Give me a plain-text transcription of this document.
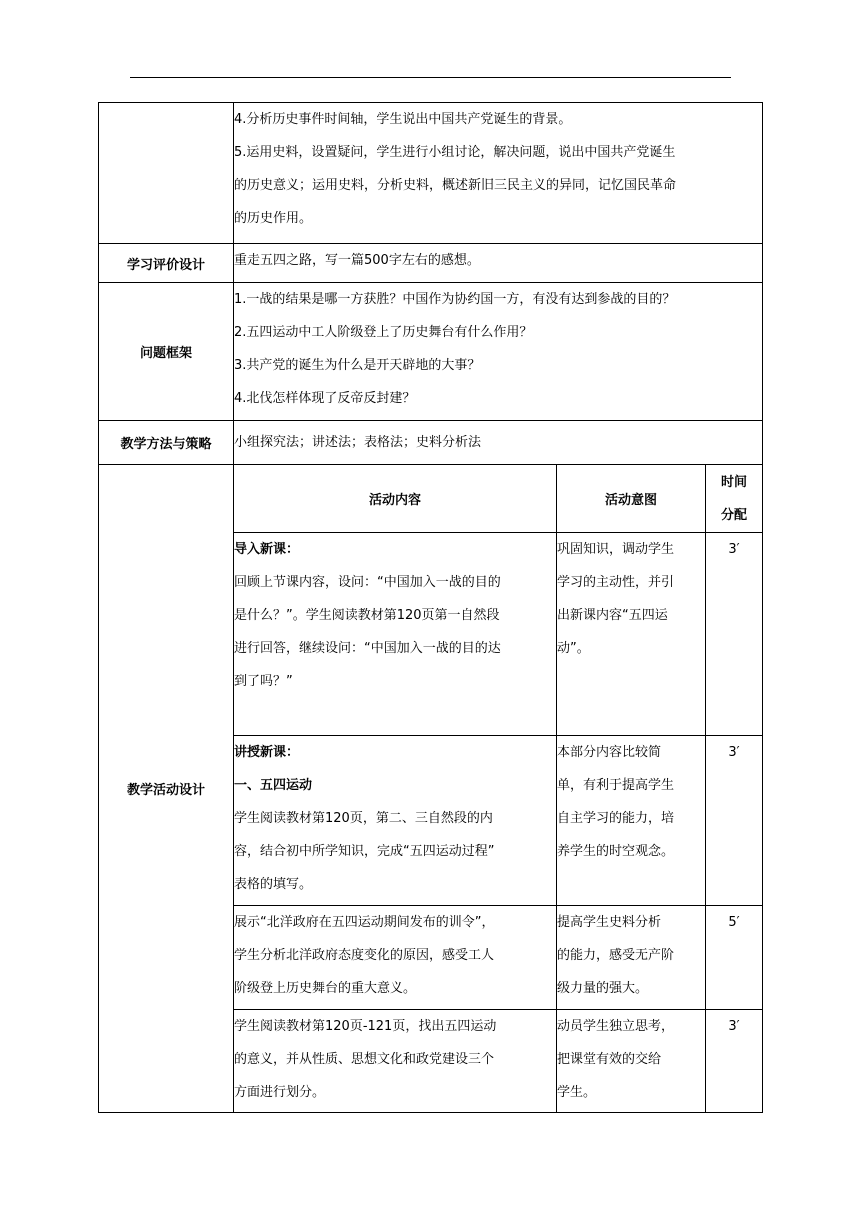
	4.分析历史事件时间轴，学生说出中国共产党诞生的背景。
5.运用史料，设置疑问，学生进行小组讨论，解决问题，说出中国共产党诞生
的历史意义；运用史料，分析史料，概述新旧三民主义的异同，记忆国民革命
的历史作用。		

学习评价设计	重走五四之路，写一篇500字左右的感想。		
问题框架	1.一战的结果是哪一方获胜？中国作为协约国一方，有没有达到参战的目的？
2.五四运动中工人阶级登上了历史舞台有什么作用？
3.共产党的诞生为什么是开天辟地的大事？
4.北伐怎样体现了反帝反封建？		

教学方法与策略	小组探究法；讲述法；表格法；史料分析法		
教学活动设计	活动内容	活动意图	时间
分配

	导入新课：
回顾上节课内容，设问：“中国加入一战的目的
是什么？”。学生阅读教材第120页第一自然段
进行回答，继续设问：“中国加入一战的目的达
到了吗？”	巩固知识，调动学生
学习的主动性，并引
出新课内容“五四运
动”。	3′

	讲授新课：
一、五四运动
学生阅读教材第120页，第二、三自然段的内
容，结合初中所学知识，完成“五四运动过程”
表格的填写。	本部分内容比较简
单，有利于提高学生
自主学习的能力，培
养学生的时空观念。	3′

	展示“北洋政府在五四运动期间发布的训令”，
学生分析北洋政府态度变化的原因，感受工人
阶级登上历史舞台的重大意义。	提高学生史料分析
的能力，感受无产阶
级力量的强大。	5′

	学生阅读教材第120页-121页，找出五四运动
的意义，并从性质、思想文化和政党建设三个
方面进行划分。	动员学生独立思考，
把课堂有效的交给
学生。	3′
